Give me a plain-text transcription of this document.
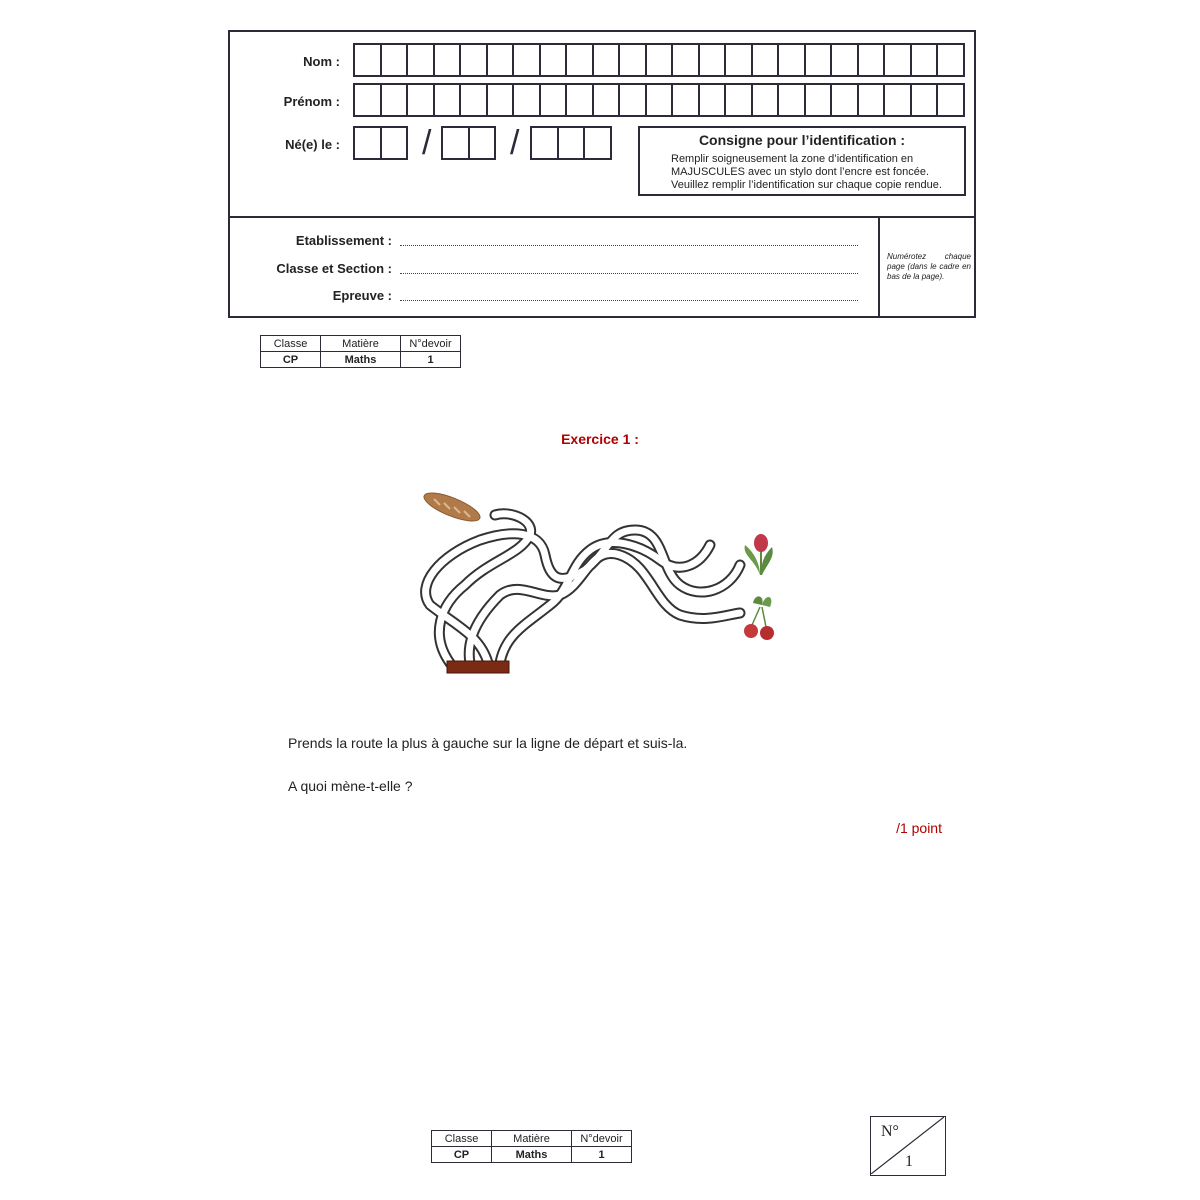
Nom :
Prénom :
Né(e) le : / /	Consigne pour l’identification :
Remplir soigneusement la zone d’identification en
MAJUSCULES avec un stylo dont l’encre est foncée.
Veuillez remplir l’identification sur chaque copie rendue.
Etablissement :
Classe et Section :
Epreuve :
Numérotez chaque page (dans le cadre en bas de la page).
Classe	Matière	N°devoir
CP	Maths	1
Exercice 1 :
Prends la route la plus à gauche sur la ligne de départ et suis-la.
A quoi mène-t-elle ?
/1 point
Classe	Matière	N°devoir
CP	Maths	1
N°
1
